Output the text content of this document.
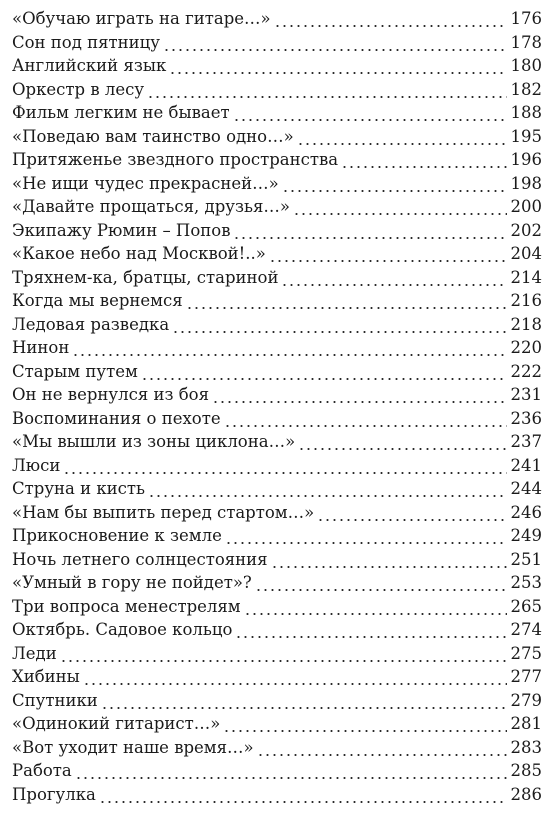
«Обучаю играть на гитаре…»	176
Сон под пятницу	178
Английский язык	180
Оркестр в лесу	182
Фильм легким не бывает	188
«Поведаю вам таинство одно…»	195
Притяженье звездного пространства	196
«Не ищи чудес прекрасней…»	198
«Давайте прощаться, друзья…»	200
Экипажу Рюмин – Попов	202
«Какое небо над Москвой!..»	204
Тряхнем-ка, братцы, стариной	214
Когда мы вернемся	216
Ледовая разведка	218
Нинон	220
Старым путем	222
Он не вернулся из боя	231
Воспоминания о пехоте	236
«Мы вышли из зоны циклона…»	237
Люси	241
Струна и кисть	244
«Нам бы выпить перед стартом…»	246
Прикосновение к земле	249
Ночь летнего солнцестояния	251
«Умный в гору не пойдет»?	253
Три вопроса менестрелям	265
Октябрь. Садовое кольцо	274
Леди	275
Хибины	277
Спутники	279
«Одинокий гитарист…»	281
«Вот уходит наше время…»	283
Работа	285
Прогулка	286
